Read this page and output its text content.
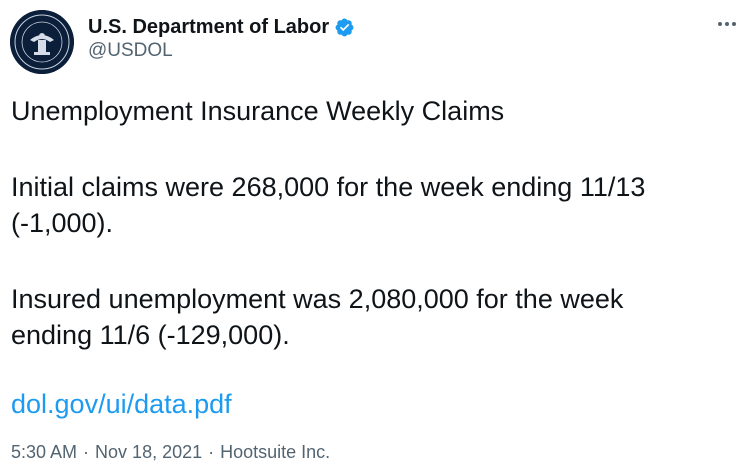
U.S. Department of Labor
@USDOL
Unemployment Insurance Weekly Claims
Initial claims were 268,000 for the week ending 11/13
(-1,000).
Insured unemployment was 2,080,000 for the week
ending 11/6 (-129,000).
dol.gov/ui/data.pdf
5:30 AM · Nov 18, 2021 · Hootsuite Inc.
